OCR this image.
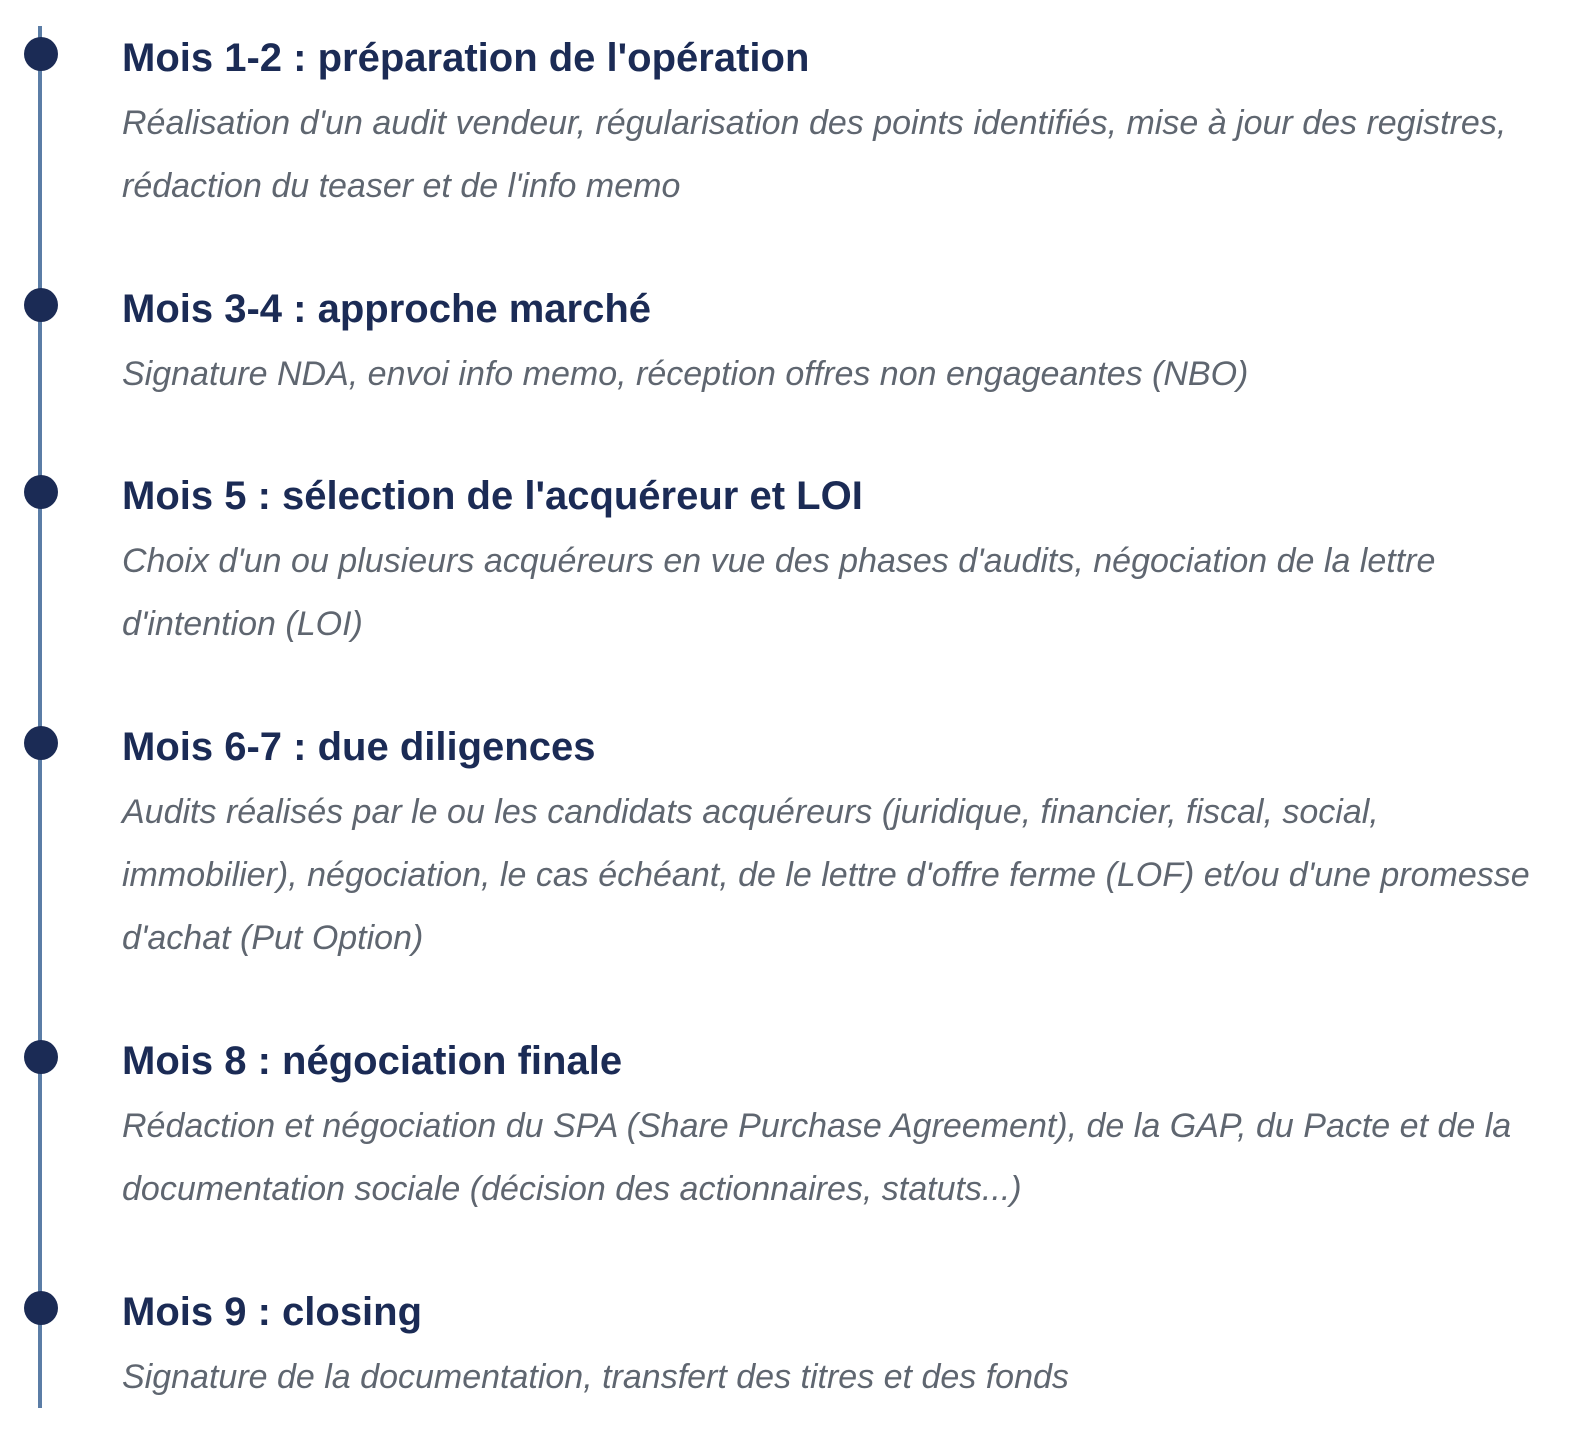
Mois 1-2 : préparation de l'opération

Réalisation d'un audit vendeur, régularisation des points identifiés, mise à jour des registres, rédaction du teaser et de l'info memo

Mois 3-4 : approche marché

Signature NDA, envoi info memo, réception offres non engageantes (NBO)

Mois 5 : sélection de l'acquéreur et LOI

Choix d'un ou plusieurs acquéreurs en vue des phases d'audits, négociation de la lettre d'intention (LOI)

Mois 6-7 : due diligences

Audits réalisés par le ou les candidats acquéreurs (juridique, financier, fiscal, social, immobilier), négociation, le cas échéant, de le lettre d'offre ferme (LOF) et/ou d'une promesse d'achat (Put Option)

Mois 8 : négociation finale

Rédaction et négociation du SPA (Share Purchase Agreement), de la GAP, du Pacte et de la documentation sociale (décision des actionnaires, statuts...)

Mois 9 : closing

Signature de la documentation, transfert des titres et des fonds
